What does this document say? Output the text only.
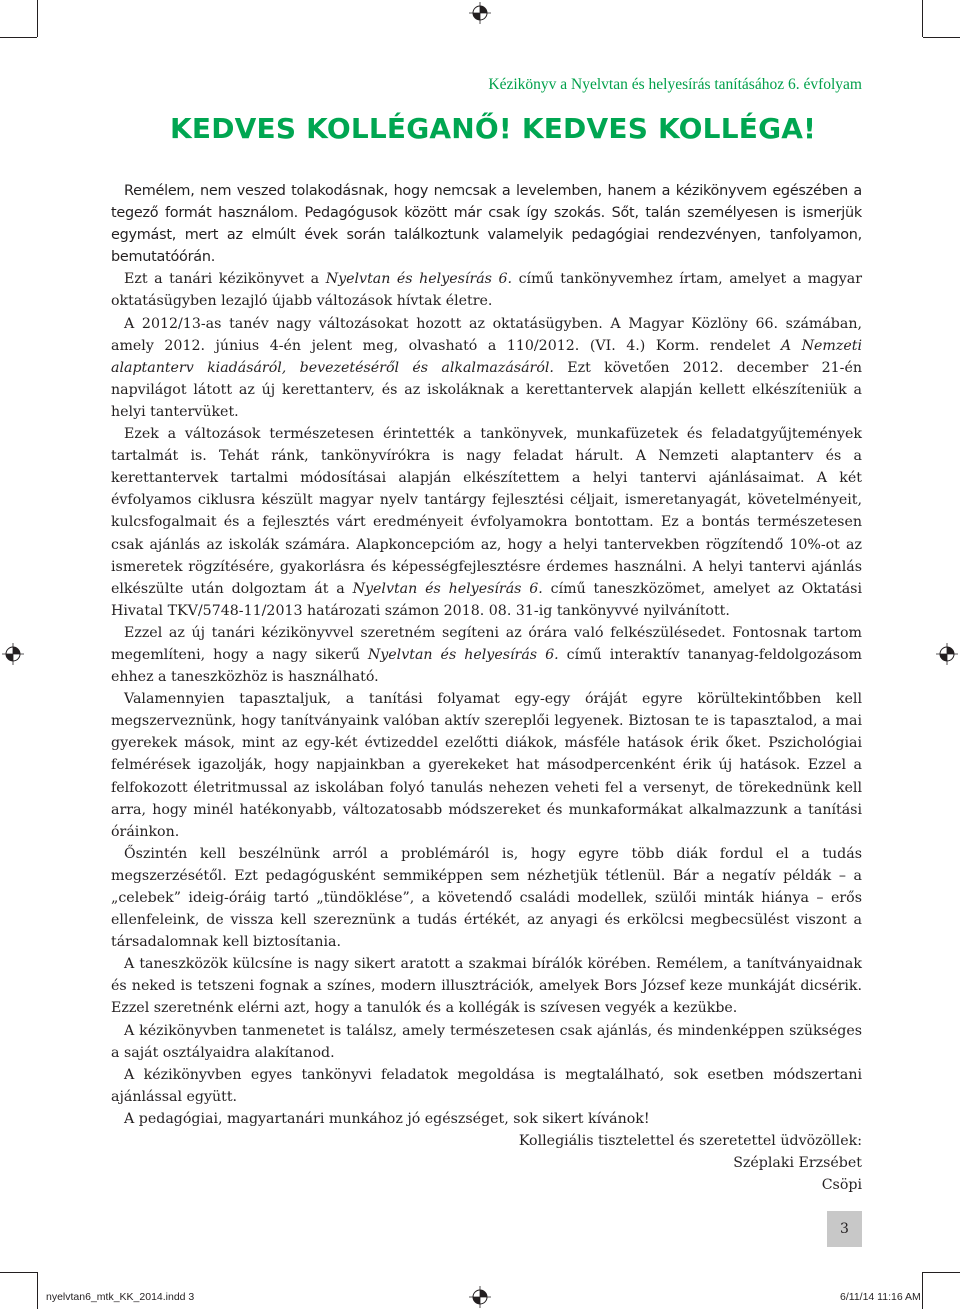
Kézikönyv a Nyelvtan és helyesírás tanításához 6. évfolyam
KEDVES KOLLÉGANŐ! KEDVES KOLLÉGA!

Remélem, nem veszed tolakodásnak, hogy nemcsak a levelemben, hanem a kézikönyvem egészében a tegező formát használom. Pedagógusok között már csak így szokás. Sőt, talán személyesen is ismerjük egymást, mert az elmúlt évek során találkoztunk valamelyik pedagógiai rendezvényen, tanfolyamon, bemutatóórán.

Ezt a tanári kézikönyvet a Nyelvtan és helyesírás 6. című tankönyvemhez írtam, amelyet a magyar oktatásügyben lezajló újabb változások hívtak életre.

A 2012/13-as tanév nagy változásokat hozott az oktatásügyben. A Magyar Közlöny 66. számában, amely 2012. június 4-én jelent meg, olvasható a 110/2012. (VI. 4.) Korm. rendelet A Nemzeti alaptanterv kiadásáról, bevezetéséről és alkalmazásáról. Ezt követően 2012. december 21-én napvilágot látott az új kerettanterv, és az iskoláknak a kerettantervek alapján kellett elkészíteniük a helyi tantervüket.

Ezek a változások természetesen érintették a tankönyvek, munkafüzetek és feladatgyűjtemények tartalmát is. Tehát ránk, tankönyvírókra is nagy feladat hárult. A Nemzeti alaptanterv és a kerettantervek tartalmi módosításai alapján elkészítettem a helyi tantervi ajánlásaimat. A két évfolyamos ciklusra készült magyar nyelv tantárgy fejlesztési céljait, ismeretanyagát, követelményeit, kulcsfogalmait és a fejlesztés várt eredményeit évfolyamokra bontottam. Ez a bontás természetesen csak ajánlás az iskolák számára. Alapkoncepcióm az, hogy a helyi tantervekben rögzítendő 10%-ot az ismeretek rögzítésére, gyakorlásra és képességfejlesztésre érdemes használni. A helyi tantervi ajánlás elkészülte után dolgoztam át a Nyelvtan és helyesírás 6. című taneszközömet, amelyet az Oktatási Hivatal TKV/5748-11/2013 határozati számon 2018. 08. 31-ig tankönyvvé nyilvánított.

Ezzel az új tanári kézikönyvvel szeretném segíteni az órára való felkészülésedet. Fontosnak tartom megemlíteni, hogy a nagy sikerű Nyelvtan és helyesírás 6. című interaktív tananyag-feldolgozásom ehhez a taneszközhöz is használható.

Valamennyien tapasztaljuk, a tanítási folyamat egy-egy óráját egyre körültekintőbben kell megszerveznünk, hogy tanítványaink valóban aktív szereplői legyenek. Biztosan te is tapasztalod, a mai gyerekek mások, mint az egy-két évtizeddel ezelőtti diákok, másféle hatások érik őket. Pszichológiai felmérések igazolják, hogy napjainkban a gyerekeket hat másodpercenként érik új hatások. Ezzel a felfokozott életritmussal az iskolában folyó tanulás nehezen veheti fel a versenyt, de törekednünk kell arra, hogy minél hatékonyabb, változatosabb módszereket és munkaformákat alkalmazzunk a tanítási óráinkon.

Őszintén kell beszélnünk arról a problémáról is, hogy egyre több diák fordul el a tudás megszerzésétől. Ezt pedagógusként semmiképpen sem nézhetjük tétlenül. Bár a negatív példák – a „celebek” ideig-óráig tartó „tündöklése”, a követendő családi modellek, szülői minták hiánya – erős ellenfeleink, de vissza kell szereznünk a tudás értékét, az anyagi és erkölcsi megbecsülést viszont a társadalomnak kell biztosítania.

A taneszközök külcsíne is nagy sikert aratott a szakmai bírálók körében. Remélem, a tanítványaidnak és neked is tetszeni fognak a színes, modern illusztrációk, amelyek Bors József keze munkáját dicsérik. Ezzel szeretnénk elérni azt, hogy a tanulók és a kollégák is szívesen vegyék a kezükbe.

A kézikönyvben tanmenetet is találsz, amely természetesen csak ajánlás, és mindenképpen szükséges a saját osztályaidra alakítanod.

A kézikönyvben egyes tankönyvi feladatok megoldása is megtalálható, sok esetben módszertani ajánlással együtt.

A pedagógiai, magyartanári munkához jó egészséget, sok sikert kívánok!

Kollegiális tisztelettel és szeretettel üdvözöllek:
Széplaki Erzsébet
Csöpi
3
nyelvtan6_mtk_KK_2014.indd 3	6/11/14 11:16 AM
